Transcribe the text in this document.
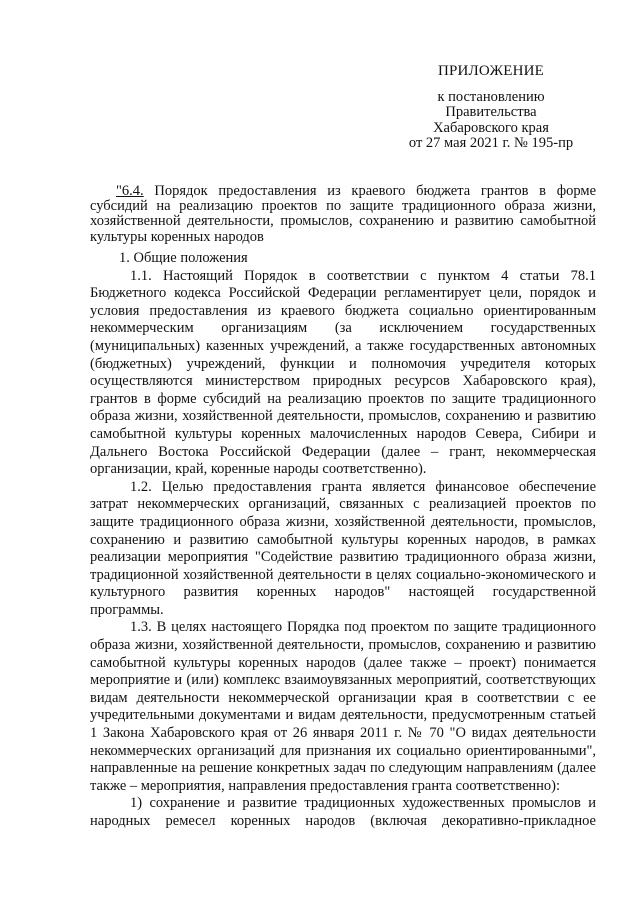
ПРИЛОЖЕНИЕ
к постановлению
Правительства
Хабаровского края
от 27 мая 2021 г. № 195-пр
"6.4. Порядок предоставления из краевого бюджета грантов в форме субсидий на реализацию проектов по защите традиционного образа жизни, хозяйственной деятельности, промыслов, сохранению и развитию самобытной культуры коренных народов

1. Общие положения

1.1. Настоящий Порядок в соответствии с пунктом 4 статьи 78.1 Бюджетного кодекса Российской Федерации регламентирует цели, порядок и условия предоставления из краевого бюджета социально ориентированным некоммерческим организациям (за исключением государственных (муниципальных) казенных учреждений, а также государственных автономных (бюджетных) учреждений, функции и полномочия учредителя которых осуществляются министерством природных ресурсов Хабаровского края), грантов в форме субсидий на реализацию проектов по защите традиционного образа жизни, хозяйственной деятельности, промыслов, сохранению и развитию самобытной культуры коренных малочисленных народов Севера, Сибири и Дальнего Востока Российской Федерации (далее – грант, некоммерческая организации, край, коренные народы соответственно).

1.2. Целью предоставления гранта является финансовое обеспечение затрат некоммерческих организаций, связанных с реализацией проектов по защите традиционного образа жизни, хозяйственной деятельности, промыслов, сохранению и развитию самобытной культуры коренных народов, в рамках реализации мероприятия "Содействие развитию традиционного образа жизни, традиционной хозяйственной деятельности в целях социально-экономического и культурного развития коренных народов" настоящей государственной программы.

1.3. В целях настоящего Порядка под проектом по защите традиционного образа жизни, хозяйственной деятельности, промыслов, сохранению и развитию самобытной культуры коренных народов (далее также – проект) понимается мероприятие и (или) комплекс взаимоувязанных мероприятий, соответствующих видам деятельности некоммерческой организации края в соответствии с ее учредительными документами и видам деятельности, предусмотренным статьей 1 Закона Хабаровского края от 26 января 2011 г. № 70 "О видах деятельности некоммерческих организаций для признания их социально ориентированными", направленные на решение конкретных задач по следующим направлениям (далее также – мероприятия, направления предоставления гранта соответственно):

1) сохранение и развитие традиционных художественных промыслов и народных ремесел коренных народов (включая декоративно-прикладное
